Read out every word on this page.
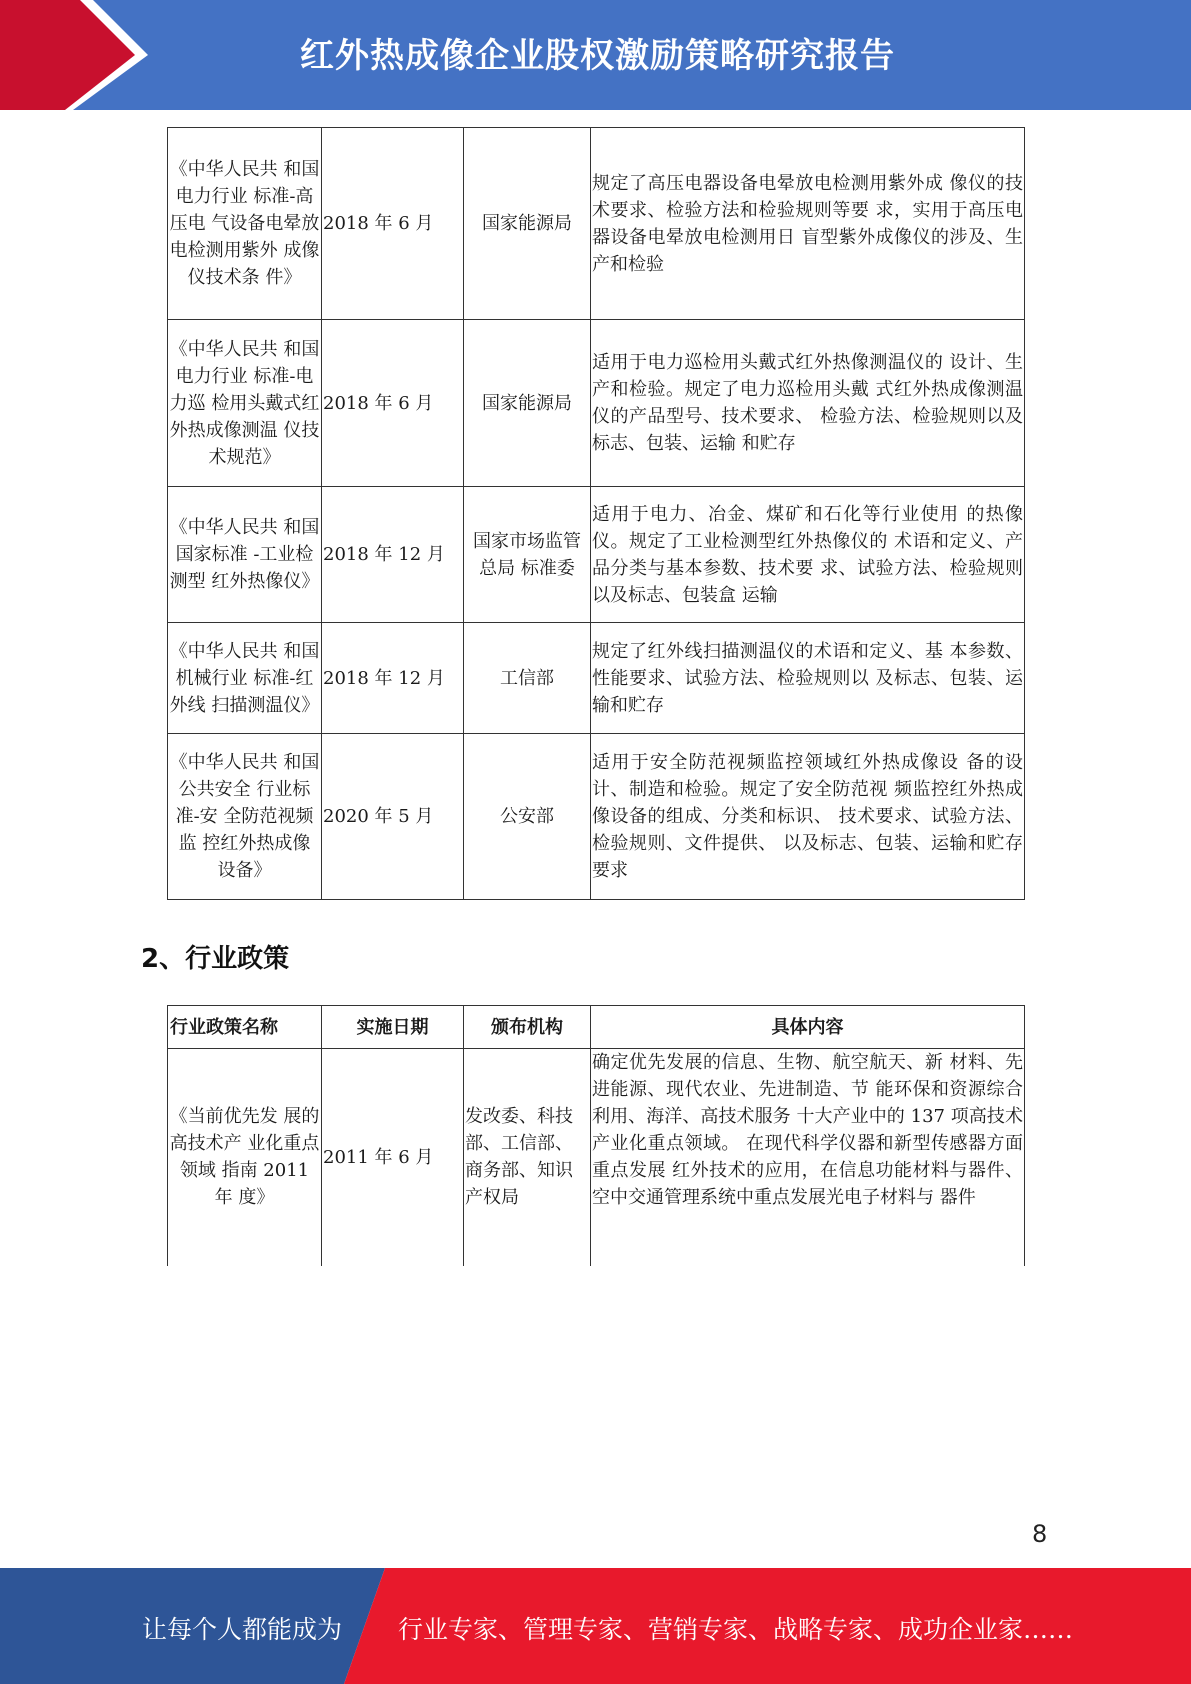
红外热成像企业股权激励策略研究报告
《中华人民共 和国电力行业 标准-高压电 气设备电晕放 电检测用紫外 成像仪技术条 件》	2018 年 6 月	国家能源局	规定了高压电器设备电晕放电检测用紫外成 像仪的技术要求、检验方法和检验规则等要 求，实用于高压电器设备电晕放电检测用日 盲型紫外成像仪的涉及、生产和检验
《中华人民共 和国电力行业 标准-电力巡 检用头戴式红 外热成像测温 仪技术规范》	2018 年 6 月	国家能源局	适用于电力巡检用头戴式红外热像测温仪的 设计、生产和检验。规定了电力巡检用头戴 式红外热成像测温仪的产品型号、技术要求、 检验方法、检验规则以及标志、包装、运输 和贮存
《中华人民共 和国国家标准 -工业检测型 红外热像仪》	2018 年 12 月	国家市场监管总局 标准委	适用于电力、冶金、煤矿和石化等行业使用 的热像仪。规定了工业检测型红外热像仪的 术语和定义、产品分类与基本参数、技术要 求、试验方法、检验规则以及标志、包装盒 运输
《中华人民共 和国机械行业 标准-红外线 扫描测温仪》	2018 年 12 月	工信部	规定了红外线扫描测温仪的术语和定义、基 本参数、性能要求、试验方法、检验规则以 及标志、包装、运输和贮存
《中华人民共 和国公共安全 行业标准-安 全防范视频监 控红外热成像 设备》	2020 年 5 月	公安部	适用于安全防范视频监控领域红外热成像设 备的设计、制造和检验。规定了安全防范视 频监控红外热成像设备的组成、分类和标识、 技术要求、试验方法、检验规则、文件提供、 以及标志、包装、运输和贮存要求
2、行业政策
行业政策名称	实施日期	颁布机构	具体内容
《当前优先发 展的高技术产 业化重点领域 指南 2011 年 度》	2011 年 6 月	发改委、科技部、工信部、商务部、知识产权局	确定优先发展的信息、生物、航空航天、新 材料、先进能源、现代农业、先进制造、节 能环保和资源综合利用、海洋、高技术服务 十大产业中的 137 项高技术产业化重点领域。 在现代科学仪器和新型传感器方面重点发展 红外技术的应用，在信息功能材料与器件、 空中交通管理系统中重点发展光电子材料与 器件
8
让每个人都能成为 行业专家、管理专家、营销专家、战略专家、成功企业家……
